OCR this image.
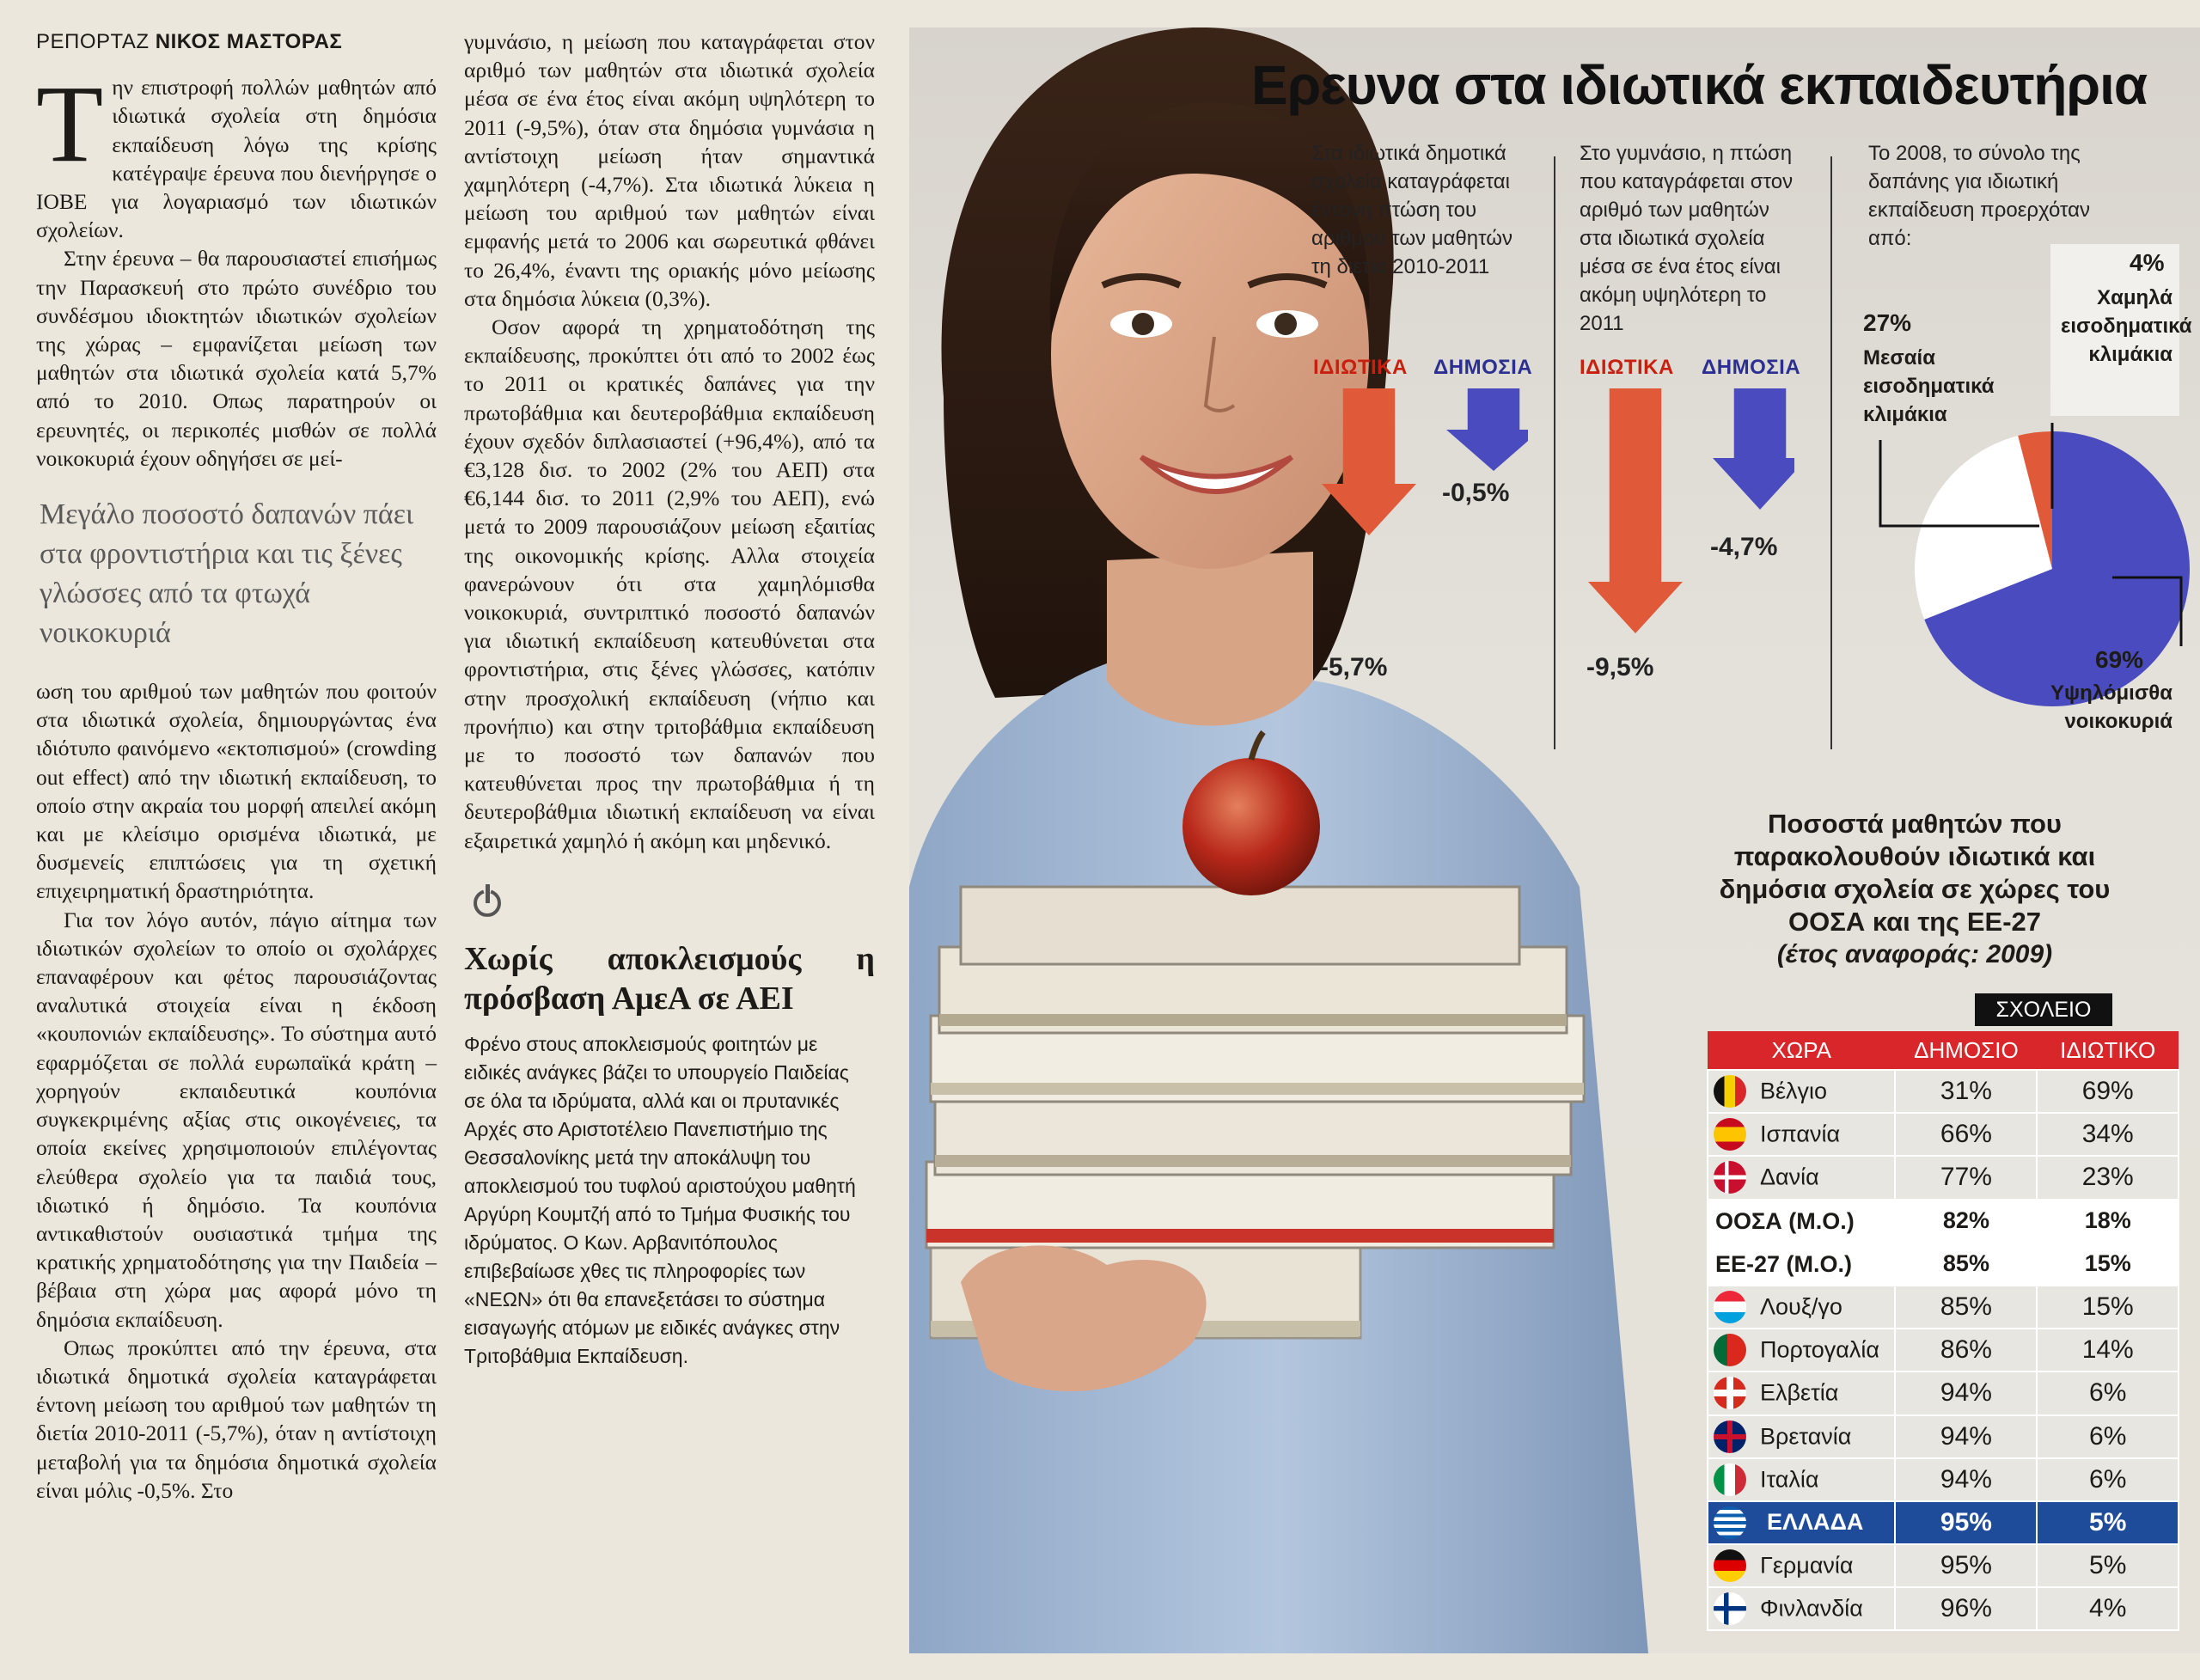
ΡΕΠΟΡΤΑΖ ΝΙΚΟΣ ΜΑΣΤΟΡΑΣ

Την επιστροφή πολλών μαθητών από ιδιωτικά σχολεία στη δημόσια εκπαίδευση λόγω της κρίσης κατέγραψε έρευνα που διενήργησε ο ΙΟΒΕ για λογαριασμό των ιδιωτικών σχολείων.

Στην έρευνα – θα παρουσιαστεί επισήμως την Παρασκευή στο πρώτο συνέδριο του συνδέσμου ιδιοκτητών ιδιωτικών σχολείων της χώρας – εμφανίζεται μείωση των μαθητών στα ιδιωτικά σχολεία κατά 5,7% από το 2010. Οπως παρατηρούν οι ερευνητές, οι περικοπές μισθών σε πολλά νοικοκυριά έχουν οδηγήσει σε μεί-

Μεγάλο ποσοστό δαπανών πάει στα φροντιστήρια και τις ξένες γλώσσες από τα φτωχά νοικοκυριά

ωση του αριθμού των μαθητών που φοιτούν στα ιδιωτικά σχολεία, δημιουργώντας ένα ιδιότυπο φαινόμενο «εκτοπισμού» (crowding out effect) από την ιδιωτική εκπαίδευση, το οποίο στην ακραία του μορφή απειλεί ακόμη και με κλείσιμο ορισμένα ιδιωτικά, με δυσμενείς επιπτώσεις για τη σχετική επιχειρηματική δραστηριότητα.

Για τον λόγο αυτόν, πάγιο αίτημα των ιδιωτικών σχολείων το οποίο οι σχολάρχες επαναφέρουν και φέτος παρουσιάζοντας αναλυτικά στοιχεία είναι η έκδοση «κουπονιών εκπαίδευσης». Το σύστημα αυτό εφαρμόζεται σε πολλά ευρωπαϊκά κράτη – χορηγούν εκπαιδευτικά κουπόνια συγκεκριμένης αξίας στις οικογένειες, τα οποία εκείνες χρησιμοποιούν επιλέγοντας ελεύθερα σχολείο για τα παιδιά τους, ιδιωτικό ή δημόσιο. Τα κουπόνια αντικαθιστούν ουσιαστικά τμήμα της κρατικής χρηματοδότησης για την Παιδεία – βέβαια στη χώρα μας αφορά μόνο τη δημόσια εκπαίδευση.

Οπως προκύπτει από την έρευνα, στα ιδιωτικά δημοτικά σχολεία καταγράφεται έντονη μείωση του αριθμού των μαθητών τη διετία 2010-2011 (-5,7%), όταν η αντίστοιχη μεταβολή για τα δημόσια δημοτικά σχολεία είναι μόλις -0,5%. Στο

γυμνάσιο, η μείωση που καταγράφεται στον αριθμό των μαθητών στα ιδιωτικά σχολεία μέσα σε ένα έτος είναι ακόμη υψηλότερη το 2011 (-9,5%), όταν στα δημόσια γυμνάσια η αντίστοιχη μείωση ήταν σημαντικά χαμηλότερη (-4,7%). Στα ιδιωτικά λύκεια η μείωση του αριθμού των μαθητών είναι εμφανής μετά το 2006 και σωρευτικά φθάνει το 26,4%, έναντι της οριακής μόνο μείωσης στα δημόσια λύκεια (0,3%).

Οσον αφορά τη χρηματοδότηση της εκπαίδευσης, προκύπτει ότι από το 2002 έως το 2011 οι κρατικές δαπάνες για την πρωτοβάθμια και δευτεροβάθμια εκπαίδευση έχουν σχεδόν διπλασιαστεί (+96,4%), από τα €3,128 δισ. το 2002 (2% του ΑΕΠ) στα €6,144 δισ. το 2011 (2,9% του ΑΕΠ), ενώ μετά το 2009 παρουσιάζουν μείωση εξαιτίας της οικονομικής κρίσης. Αλλα στοιχεία φανερώνουν ότι στα χαμηλόμισθα νοικοκυριά, συντριπτικό ποσοστό δαπανών για ιδιωτική εκπαίδευση κατευθύνεται στα φροντιστήρια, στις ξένες γλώσσες, κατόπιν στην προσχολική εκπαίδευση (νήπιο και προνήπιο) και στην τριτοβάθμια εκπαίδευση με το ποσοστό των δαπανών που κατευθύνεται προς την πρωτοβάθμια ή τη δευτεροβάθμια ιδιωτική εκπαίδευση να είναι εξαιρετικά χαμηλό ή ακόμη και μηδενικό.

Χωρίς αποκλεισμούς η πρόσβαση ΑμεΑ σε ΑΕΙ
Φρένο στους αποκλεισμούς φοιτητών με ειδικές ανάγκες βάζει το υπουργείο Παιδείας σε όλα τα ιδρύματα, αλλά και οι πρυτανικές Αρχές στο Αριστοτέλειο Πανεπιστήμιο της Θεσσαλονίκης μετά την αποκάλυψη του αποκλεισμού του τυφλού αριστούχου μαθητή Αργύρη Κουμτζή από το Τμήμα Φυσικής του ιδρύματος. Ο Κων. Αρβανιτόπουλος επιβεβαίωσε χθες τις πληροφορίες των «ΝΕΩΝ» ότι θα επανεξετάσει το σύστημα εισαγωγής ατόμων με ειδικές ανάγκες στην Τριτοβάθμια Εκπαίδευση.
Ερευνα στα ιδιωτικά εκπαιδευτήρια
Στα ιδιωτικά δημοτικά σχολεία καταγράφεται έντονη πτώση του αριθμού των μαθητών τη διετία 2010-2011
ΙΔΙΩΤΙΚΑ ΔΗΜΟΣΙΑ
-0,5%
-5,7%
Στο γυμνάσιο, η πτώση που καταγράφεται στον αριθμό των μαθητών στα ιδιωτικά σχολεία μέσα σε ένα έτος είναι ακόμη υψηλότερη το 2011
ΙΔΙΩΤΙΚΑ ΔΗΜΟΣΙΑ
-4,7%
-9,5%
Το 2008, το σύνολο της δαπάνης για ιδιωτική εκπαίδευση προερχόταν από:
4%
Χαμηλά εισοδηματικά κλιμάκια
27%
Μεσαία εισοδηματικά κλιμάκια
69%
Υψηλόμισθα νοικοκυριά
Ποσοστά μαθητών που παρακολουθούν ιδιωτικά και δημόσια σχολεία σε χώρες του ΟΟΣΑ και της ΕΕ-27
(έτος αναφοράς: 2009)
ΣΧΟΛΕΙΟ
ΧΩΡΑ	ΔΗΜΟΣΙΟ	ΙΔΙΩΤΙΚΟ
Βέλγιο	31%	69%
Ισπανία	66%	34%
Δανία	77%	23%
ΟΟΣΑ (Μ.Ο.)	82%	18%
ΕΕ-27 (Μ.Ο.)	85%	15%
Λουξ/γο	85%	15%
Πορτογαλία	86%	14%
Ελβετία	94%	6%
Βρετανία	94%	6%
Ιταλία	94%	6%
ΕΛΛΑΔΑ	95%	5%
Γερμανία	95%	5%
Φινλανδία	96%	4%
